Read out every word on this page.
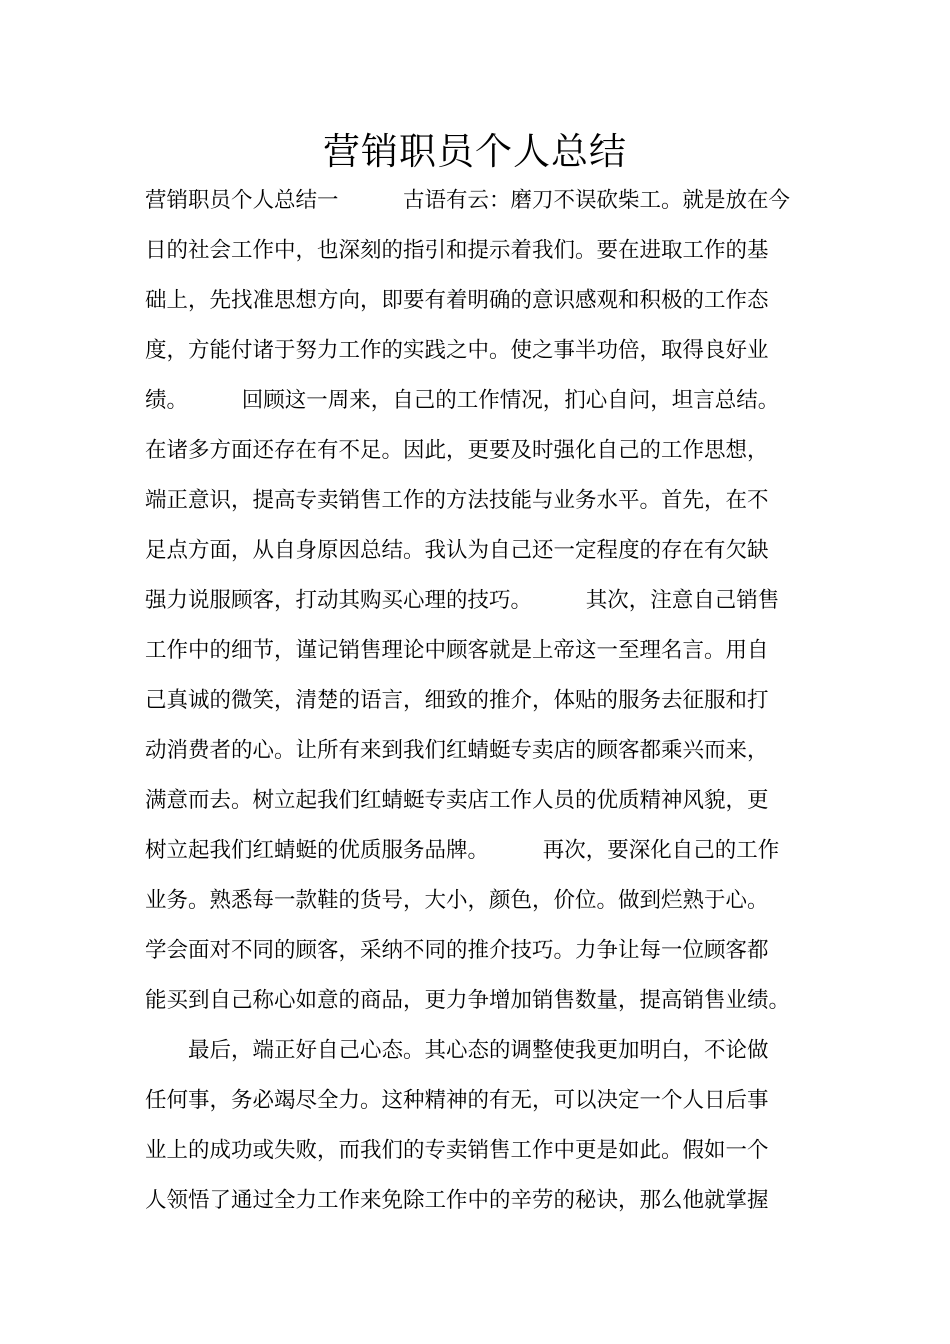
营销职员个人总结
营销职员个人总结一　　　古语有云：磨刀不误砍柴工。就是放在今
日的社会工作中，也深刻的指引和提示着我们。要在进取工作的基
础上，先找准思想方向，即要有着明确的意识感观和积极的工作态
度，方能付诸于努力工作的实践之中。使之事半功倍，取得良好业
绩。　　　回顾这一周来，自己的工作情况，扪心自问，坦言总结。
在诸多方面还存在有不足。因此，更要及时强化自己的工作思想，
端正意识，提高专卖销售工作的方法技能与业务水平。首先，在不
足点方面，从自身原因总结。我认为自己还一定程度的存在有欠缺
强力说服顾客，打动其购买心理的技巧。　　　其次，注意自己销售
工作中的细节，谨记销售理论中顾客就是上帝这一至理名言。用自
己真诚的微笑，清楚的语言，细致的推介，体贴的服务去征服和打
动消费者的心。让所有来到我们红蜻蜓专卖店的顾客都乘兴而来，
满意而去。树立起我们红蜻蜓专卖店工作人员的优质精神风貌，更
树立起我们红蜻蜓的优质服务品牌。　　　再次，要深化自己的工作
业务。熟悉每一款鞋的货号，大小，颜色，价位。做到烂熟于心。
学会面对不同的顾客，采纳不同的推介技巧。力争让每一位顾客都
能买到自己称心如意的商品，更力争增加销售数量，提高销售业绩。
　　最后，端正好自己心态。其心态的调整使我更加明白，不论做
任何事，务必竭尽全力。这种精神的有无，可以决定一个人日后事
业上的成功或失败，而我们的专卖销售工作中更是如此。假如一个
人领悟了通过全力工作来免除工作中的辛劳的秘诀，那么他就掌握
